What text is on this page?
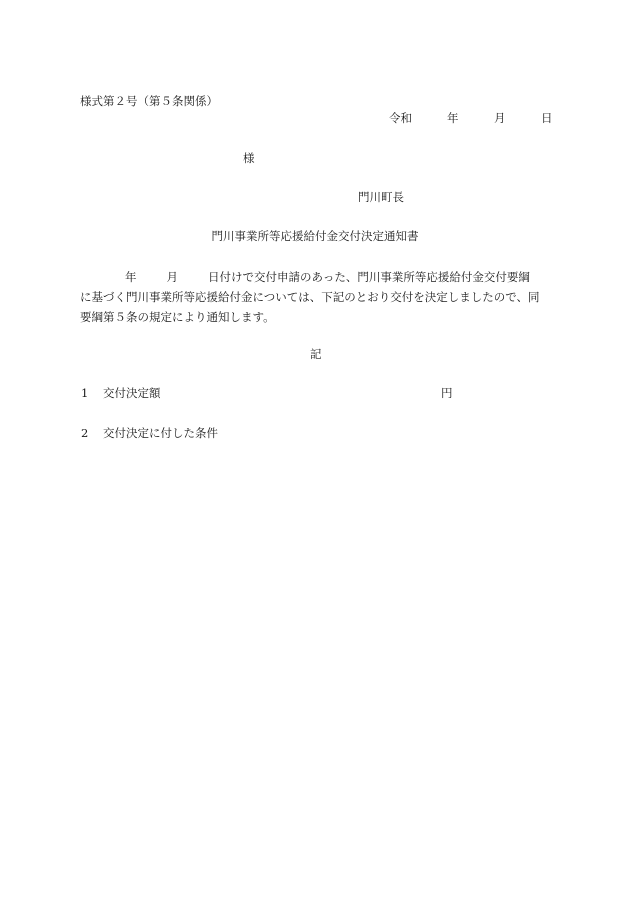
様式第２号（第５条関係）
令和	年	月	日
様
門川町長
門川事業所等応援給付金交付決定通知書
年	月	日付けで交付申請のあった、門川事業所等応援給付金交付要綱
に基づく門川事業所等応援給付金については、下記のとおり交付を決定しましたので、同
要綱第５条の規定により通知します。
記
1 交付決定額	円
2 交付決定に付した条件
